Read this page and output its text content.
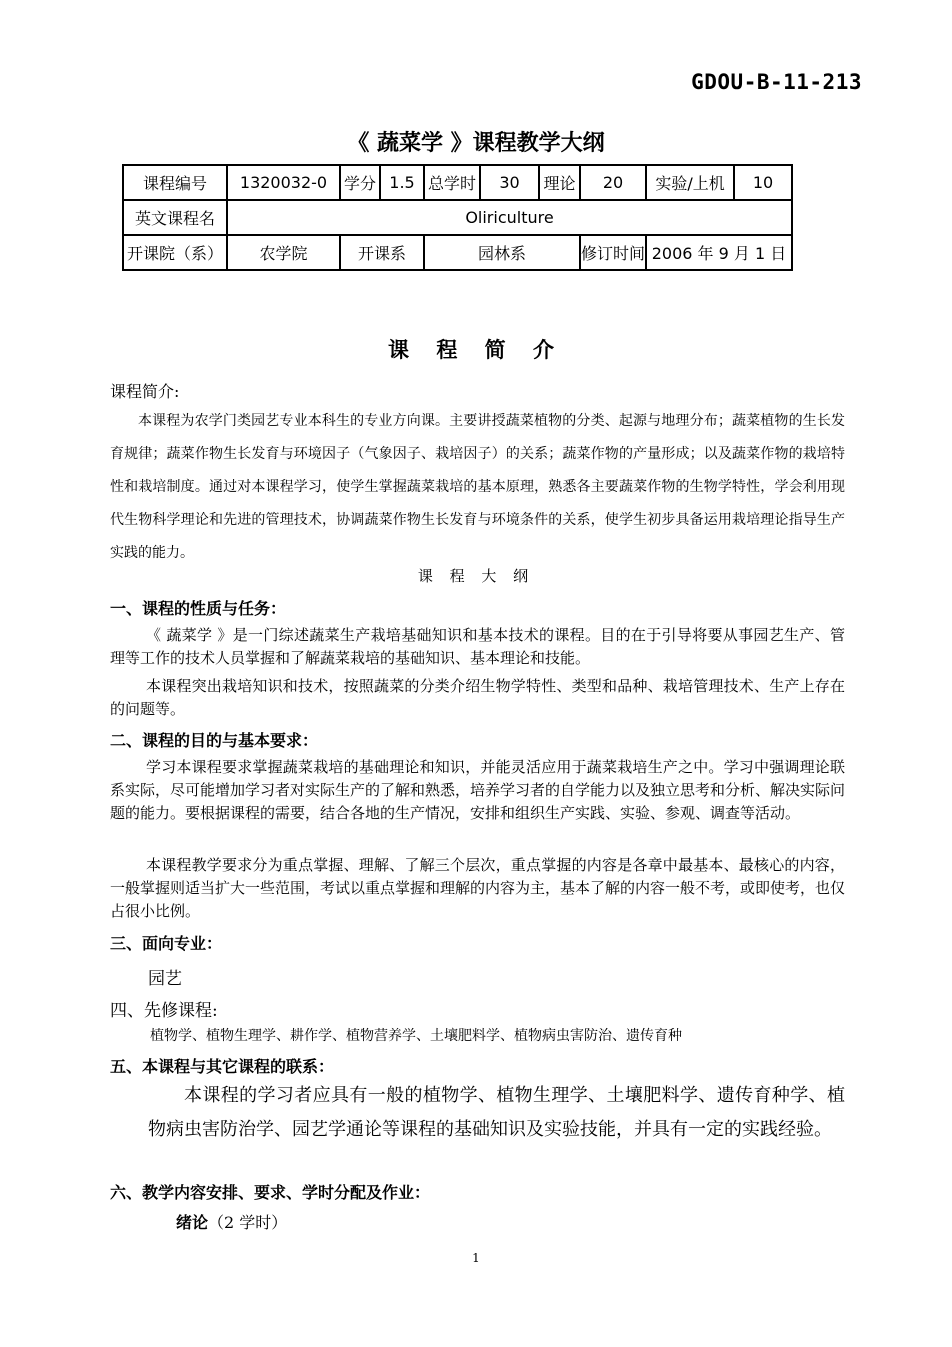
GDOU-B-11-213
《 蔬菜学 》课程教学大纲
课程编号	1320032-0	学分	1.5	总学时	30	理论	20	实验/上机	10
英文课程名	Oliriculture								
开课院（系）	农学院	开课系		园林系			修订时间	2006 年 9 月 1 日	
课 程 简 介
课程简介:
本课程为农学门类园艺专业本科生的专业方向课。主要讲授蔬菜植物的分类、起源与地理分布；蔬菜植物的生长发育规律；蔬菜作物生长发育与环境因子（气象因子、栽培因子）的关系；蔬菜作物的产量形成；以及蔬菜作物的栽培特性和栽培制度。通过对本课程学习，使学生掌握蔬菜栽培的基本原理，熟悉各主要蔬菜作物的生物学特性，学会利用现代生物科学理论和先进的管理技术，协调蔬菜作物生长发育与环境条件的关系，使学生初步具备运用栽培理论指导生产实践的能力。
课 程 大 纲
一、课程的性质与任务：
《 蔬菜学 》是一门综述蔬菜生产栽培基础知识和基本技术的课程。目的在于引导将要从事园艺生产、管理等工作的技术人员掌握和了解蔬菜栽培的基础知识、基本理论和技能。
本课程突出栽培知识和技术，按照蔬菜的分类介绍生物学特性、类型和品种、栽培管理技术、生产上存在的问题等。
二、课程的目的与基本要求：
学习本课程要求掌握蔬菜栽培的基础理论和知识，并能灵活应用于蔬菜栽培生产之中。学习中强调理论联系实际，尽可能增加学习者对实际生产的了解和熟悉，培养学习者的自学能力以及独立思考和分析、解决实际问题的能力。要根据课程的需要，结合各地的生产情况，安排和组织生产实践、实验、参观、调查等活动。
本课程教学要求分为重点掌握、理解、了解三个层次，重点掌握的内容是各章中最基本、最核心的内容，一般掌握则适当扩大一些范围，考试以重点掌握和理解的内容为主，基本了解的内容一般不考，或即使考，也仅占很小比例。
三、面向专业：
园艺
四、先修课程:
植物学、植物生理学、耕作学、植物营养学、土壤肥料学、植物病虫害防治、遗传育种
五、本课程与其它课程的联系：
本课程的学习者应具有一般的植物学、植物生理学、土壤肥料学、遗传育种学、植物病虫害防治学、园艺学通论等课程的基础知识及实验技能，并具有一定的实践经验。
六、教学内容安排、要求、学时分配及作业：
绪论（2 学时）
1
